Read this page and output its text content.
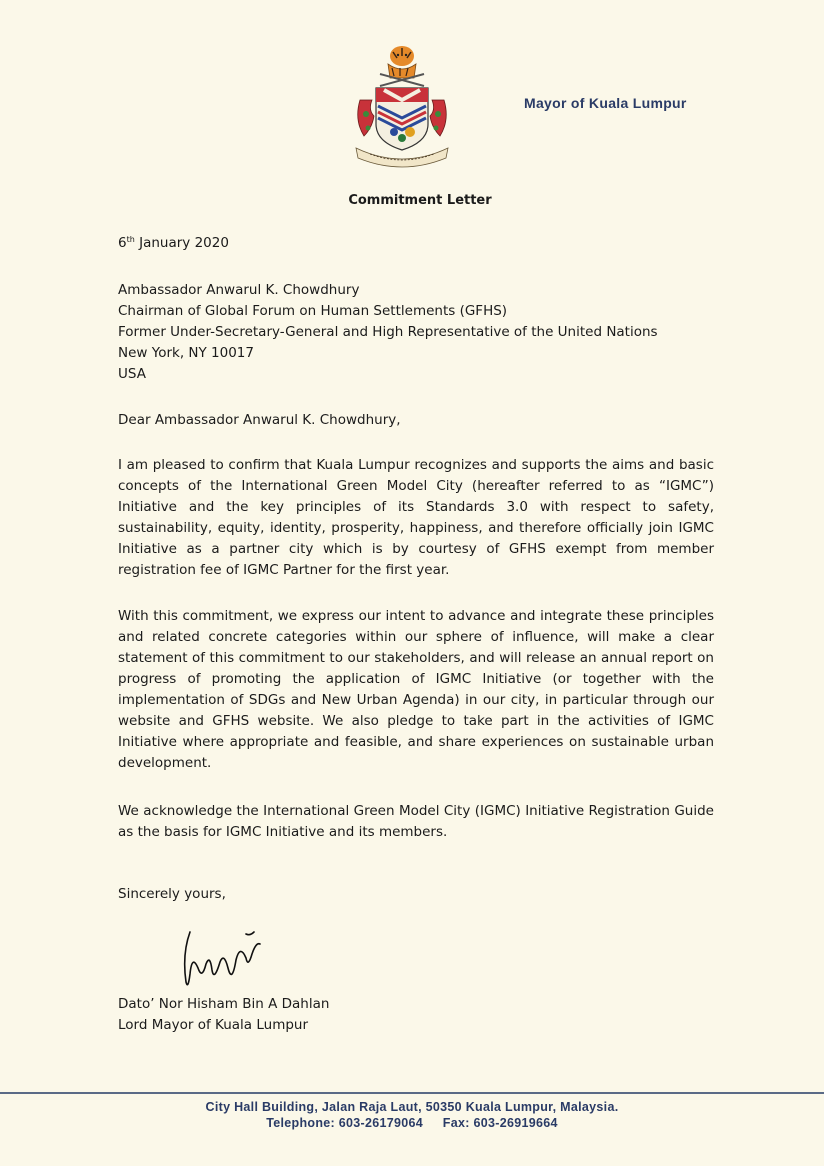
Mayor of Kuala Lumpur
Commitment Letter
6th January 2020
Ambassador Anwarul K. Chowdhury
Chairman of Global Forum on Human Settlements (GFHS)
Former Under-Secretary-General and High Representative of the United Nations
New York, NY 10017
USA
Dear Ambassador Anwarul K. Chowdhury,

I am pleased to confirm that Kuala Lumpur recognizes and supports the aims and basic concepts of the International Green Model City (hereafter referred to as “IGMC”) Initiative and the key principles of its Standards 3.0 with respect to safety, sustainability, equity, identity, prosperity, happiness, and therefore officially join IGMC Initiative as a partner city which is by courtesy of GFHS exempt from member registration fee of IGMC Partner for the first year.

With this commitment, we express our intent to advance and integrate these principles and related concrete categories within our sphere of influence, will make a clear statement of this commitment to our stakeholders, and will release an annual report on progress of promoting the application of IGMC Initiative (or together with the implementation of SDGs and New Urban Agenda) in our city, in particular through our website and GFHS website. We also pledge to take part in the activities of IGMC Initiative where appropriate and feasible, and share experiences on sustainable urban development.

We acknowledge the International Green Model City (IGMC) Initiative Registration Guide as the basis for IGMC Initiative and its members.

Sincerely yours,
Dato’ Nor Hisham Bin A Dahlan
Lord Mayor of Kuala Lumpur
City Hall Building, Jalan Raja Laut, 50350 Kuala Lumpur, Malaysia.
Telephone: 603-26179064 Fax: 603-26919664
